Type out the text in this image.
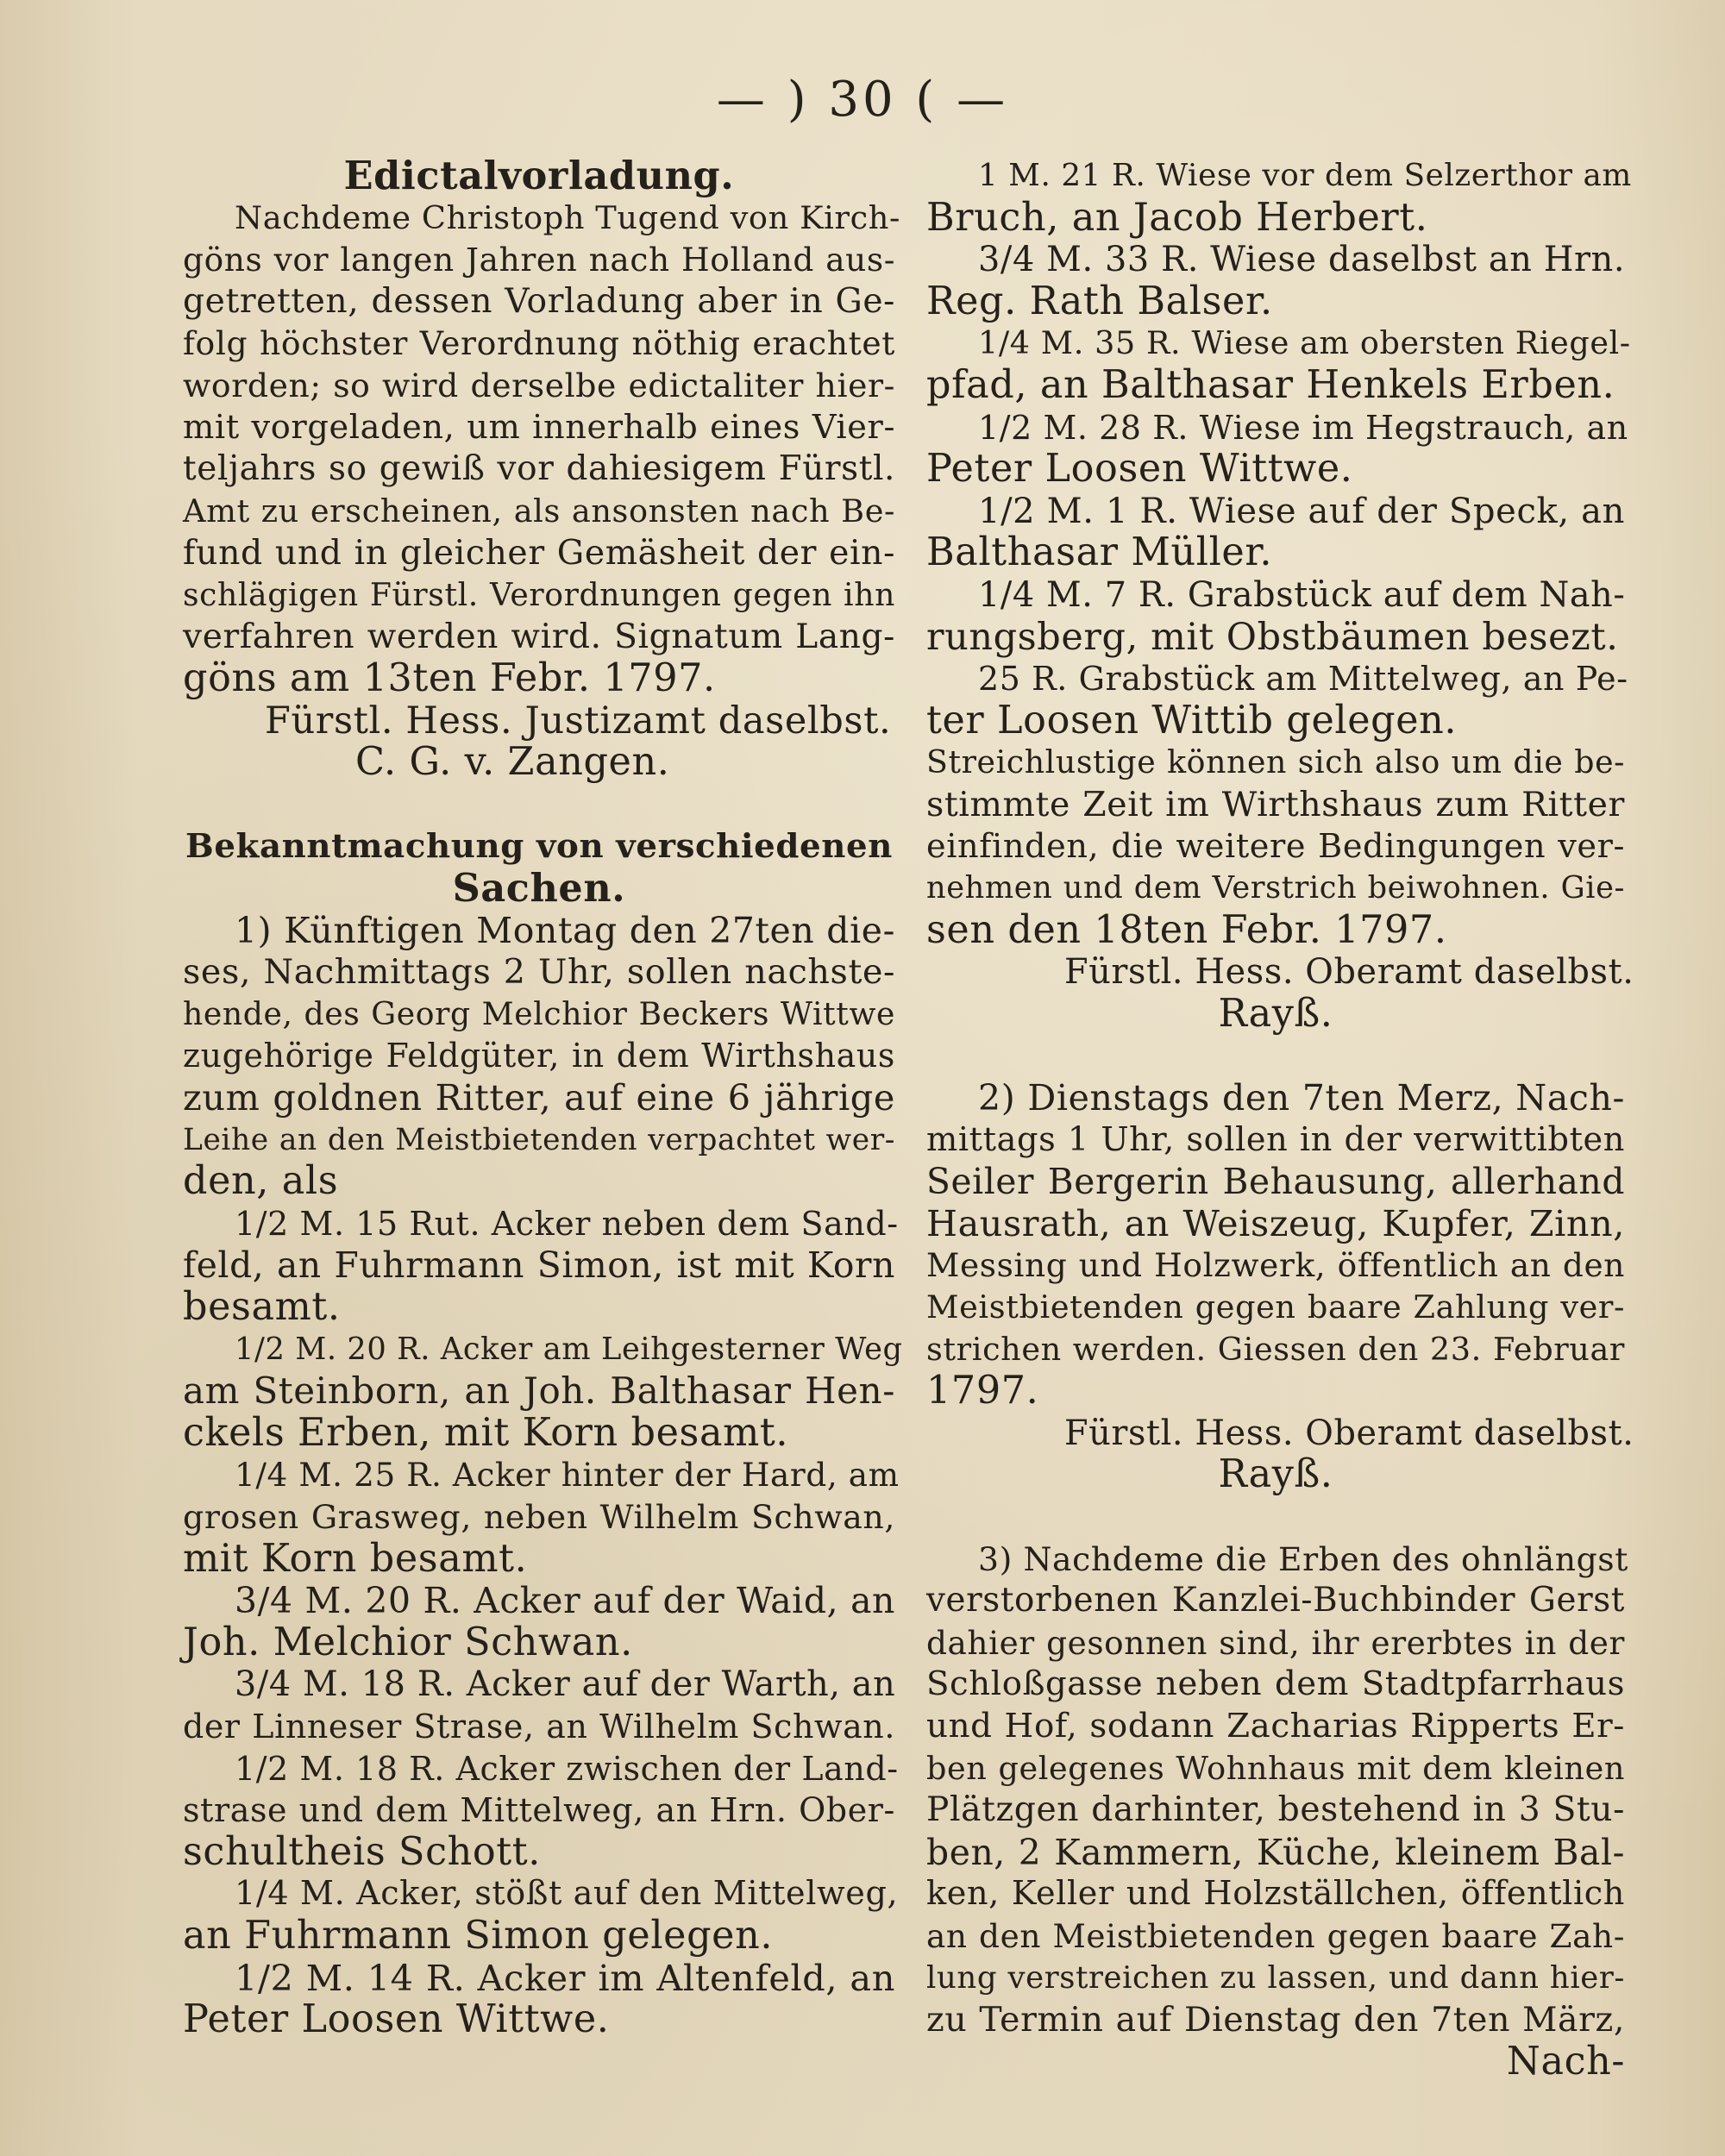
— ) 30 ( —

Edictalvorladung.

Nachdeme Christoph Tugend von Kirch-

göns vor langen Jahren nach Holland aus-

getretten, dessen Vorladung aber in Ge-

folg höchster Verordnung nöthig erachtet

worden; so wird derselbe edictaliter hier-

mit vorgeladen, um innerhalb eines Vier-

teljahrs so gewiß vor dahiesigem Fürstl.

Amt zu erscheinen, als ansonsten nach Be-

fund und in gleicher Gemäsheit der ein-

schlägigen Fürstl. Verordnungen gegen ihn

verfahren werden wird. Signatum Lang-

göns am 13ten Febr. 1797.

Fürstl. Hess. Justizamt daselbst.

C. G. v. Zangen.

Bekanntmachung von verschiedenen

Sachen.

1) Künftigen Montag den 27ten die-

ses, Nachmittags 2 Uhr, sollen nachste-

hende, des Georg Melchior Beckers Wittwe

zugehörige Feldgüter, in dem Wirthshaus

zum goldnen Ritter, auf eine 6 jährige

Leihe an den Meistbietenden verpachtet wer-

den, als

1/2 M. 15 Rut. Acker neben dem Sand-

feld, an Fuhrmann Simon, ist mit Korn

besamt.

1/2 M. 20 R. Acker am Leihgesterner Weg

am Steinborn, an Joh. Balthasar Hen-

ckels Erben, mit Korn besamt.

1/4 M. 25 R. Acker hinter der Hard, am

grosen Grasweg, neben Wilhelm Schwan,

mit Korn besamt.

3/4 M. 20 R. Acker auf der Waid, an

Joh. Melchior Schwan.

3/4 M. 18 R. Acker auf der Warth, an

der Linneser Strase, an Wilhelm Schwan.

1/2 M. 18 R. Acker zwischen der Land-

strase und dem Mittelweg, an Hrn. Ober-

schultheis Schott.

1/4 M. Acker, stößt auf den Mittelweg,

an Fuhrmann Simon gelegen.

1/2 M. 14 R. Acker im Altenfeld, an

Peter Loosen Wittwe.

1 M. 21 R. Wiese vor dem Selzerthor am

Bruch, an Jacob Herbert.

3/4 M. 33 R. Wiese daselbst an Hrn.

Reg. Rath Balser.

1/4 M. 35 R. Wiese am obersten Riegel-

pfad, an Balthasar Henkels Erben.

1/2 M. 28 R. Wiese im Hegstrauch, an

Peter Loosen Wittwe.

1/2 M. 1 R. Wiese auf der Speck, an

Balthasar Müller.

1/4 M. 7 R. Grabstück auf dem Nah-

rungsberg, mit Obstbäumen besezt.

25 R. Grabstück am Mittelweg, an Pe-

ter Loosen Wittib gelegen.

Streichlustige können sich also um die be-

stimmte Zeit im Wirthshaus zum Ritter

einfinden, die weitere Bedingungen ver-

nehmen und dem Verstrich beiwohnen. Gie-

sen den 18ten Febr. 1797.

Fürstl. Hess. Oberamt daselbst.

Rayß.

2) Dienstags den 7ten Merz, Nach-

mittags 1 Uhr, sollen in der verwittibten

Seiler Bergerin Behausung, allerhand

Hausrath, an Weiszeug, Kupfer, Zinn,

Messing und Holzwerk, öffentlich an den

Meistbietenden gegen baare Zahlung ver-

strichen werden. Giessen den 23. Februar

1797.

Fürstl. Hess. Oberamt daselbst.

Rayß.

3) Nachdeme die Erben des ohnlängst

verstorbenen Kanzlei-Buchbinder Gerst

dahier gesonnen sind, ihr ererbtes in der

Schloßgasse neben dem Stadtpfarrhaus

und Hof, sodann Zacharias Ripperts Er-

ben gelegenes Wohnhaus mit dem kleinen

Plätzgen darhinter, bestehend in 3 Stu-

ben, 2 Kammern, Küche, kleinem Bal-

ken, Keller und Holzställchen, öffentlich

an den Meistbietenden gegen baare Zah-

lung verstreichen zu lassen, und dann hier-

zu Termin auf Dienstag den 7ten März,

Nach-
